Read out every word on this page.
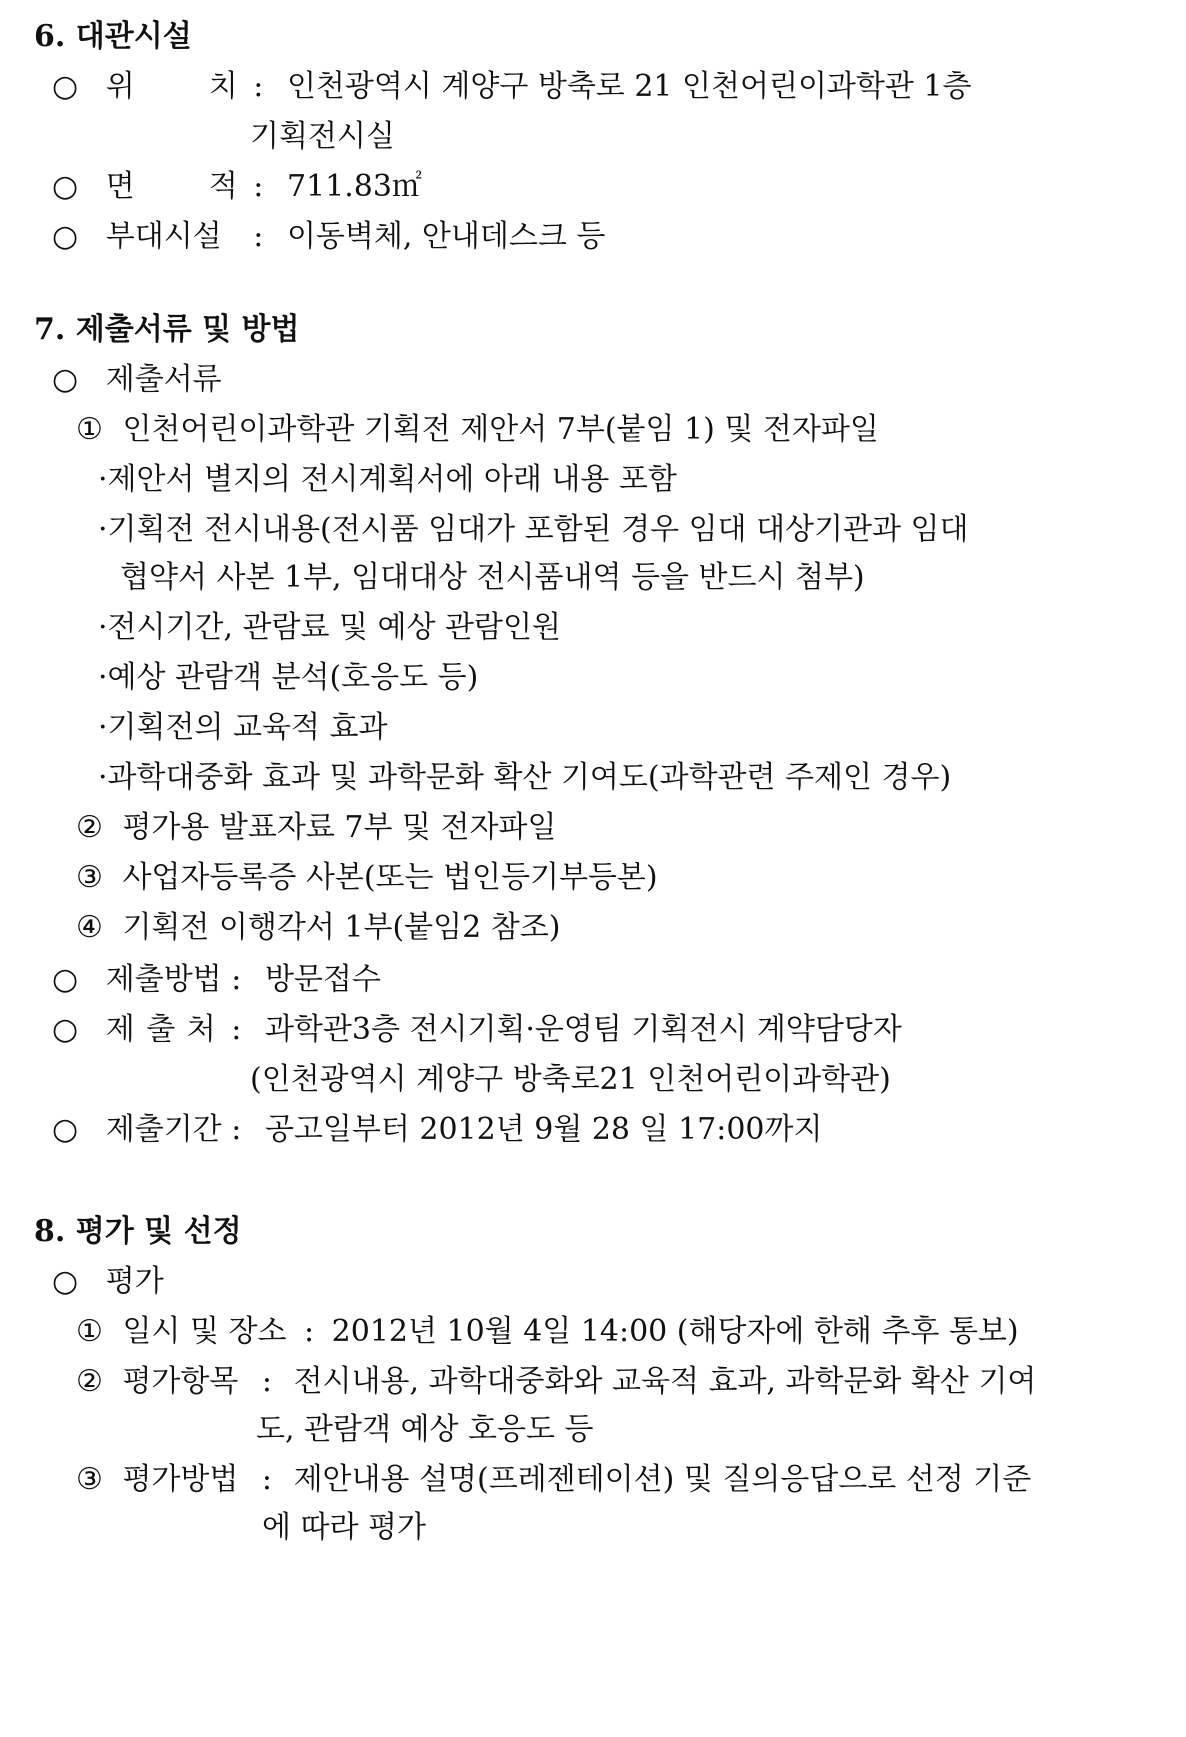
6. 대관시설
○ 위 치 : 인천광역시 계양구 방축로 21 인천어린이과학관 1층
기획전시실
○ 면 적 : 711.83㎡
○ 부대시설 : 이동벽체, 안내데스크 등
7. 제출서류 및 방법
○ 제출서류
① 인천어린이과학관 기획전 제안서 7부(붙임 1) 및 전자파일
·제안서 별지의 전시계획서에 아래 내용 포함
·기획전 전시내용(전시품 임대가 포함된 경우 임대 대상기관과 임대
협약서 사본 1부, 임대대상 전시품내역 등을 반드시 첨부)
·전시기간, 관람료 및 예상 관람인원
·예상 관람객 분석(호응도 등)
·기획전의 교육적 효과
·과학대중화 효과 및 과학문화 확산 기여도(과학관련 주제인 경우)
② 평가용 발표자료 7부 및 전자파일
③ 사업자등록증 사본(또는 법인등기부등본)
④ 기획전 이행각서 1부(붙임2 참조)
○ 제출방법 : 방문접수
○ 제 출 처 : 과학관3층 전시기획·운영팀 기획전시 계약담당자
(인천광역시 계양구 방축로21 인천어린이과학관)
○ 제출기간 : 공고일부터 2012년 9월 28 일 17:00까지
8. 평가 및 선정
○ 평가
① 일시 및 장소 : 2012년 10월 4일 14:00 (해당자에 한해 추후 통보)
② 평가항목 : 전시내용, 과학대중화와 교육적 효과, 과학문화 확산 기여
도, 관람객 예상 호응도 등
③ 평가방법 : 제안내용 설명(프레젠테이션) 및 질의응답으로 선정 기준
에 따라 평가
